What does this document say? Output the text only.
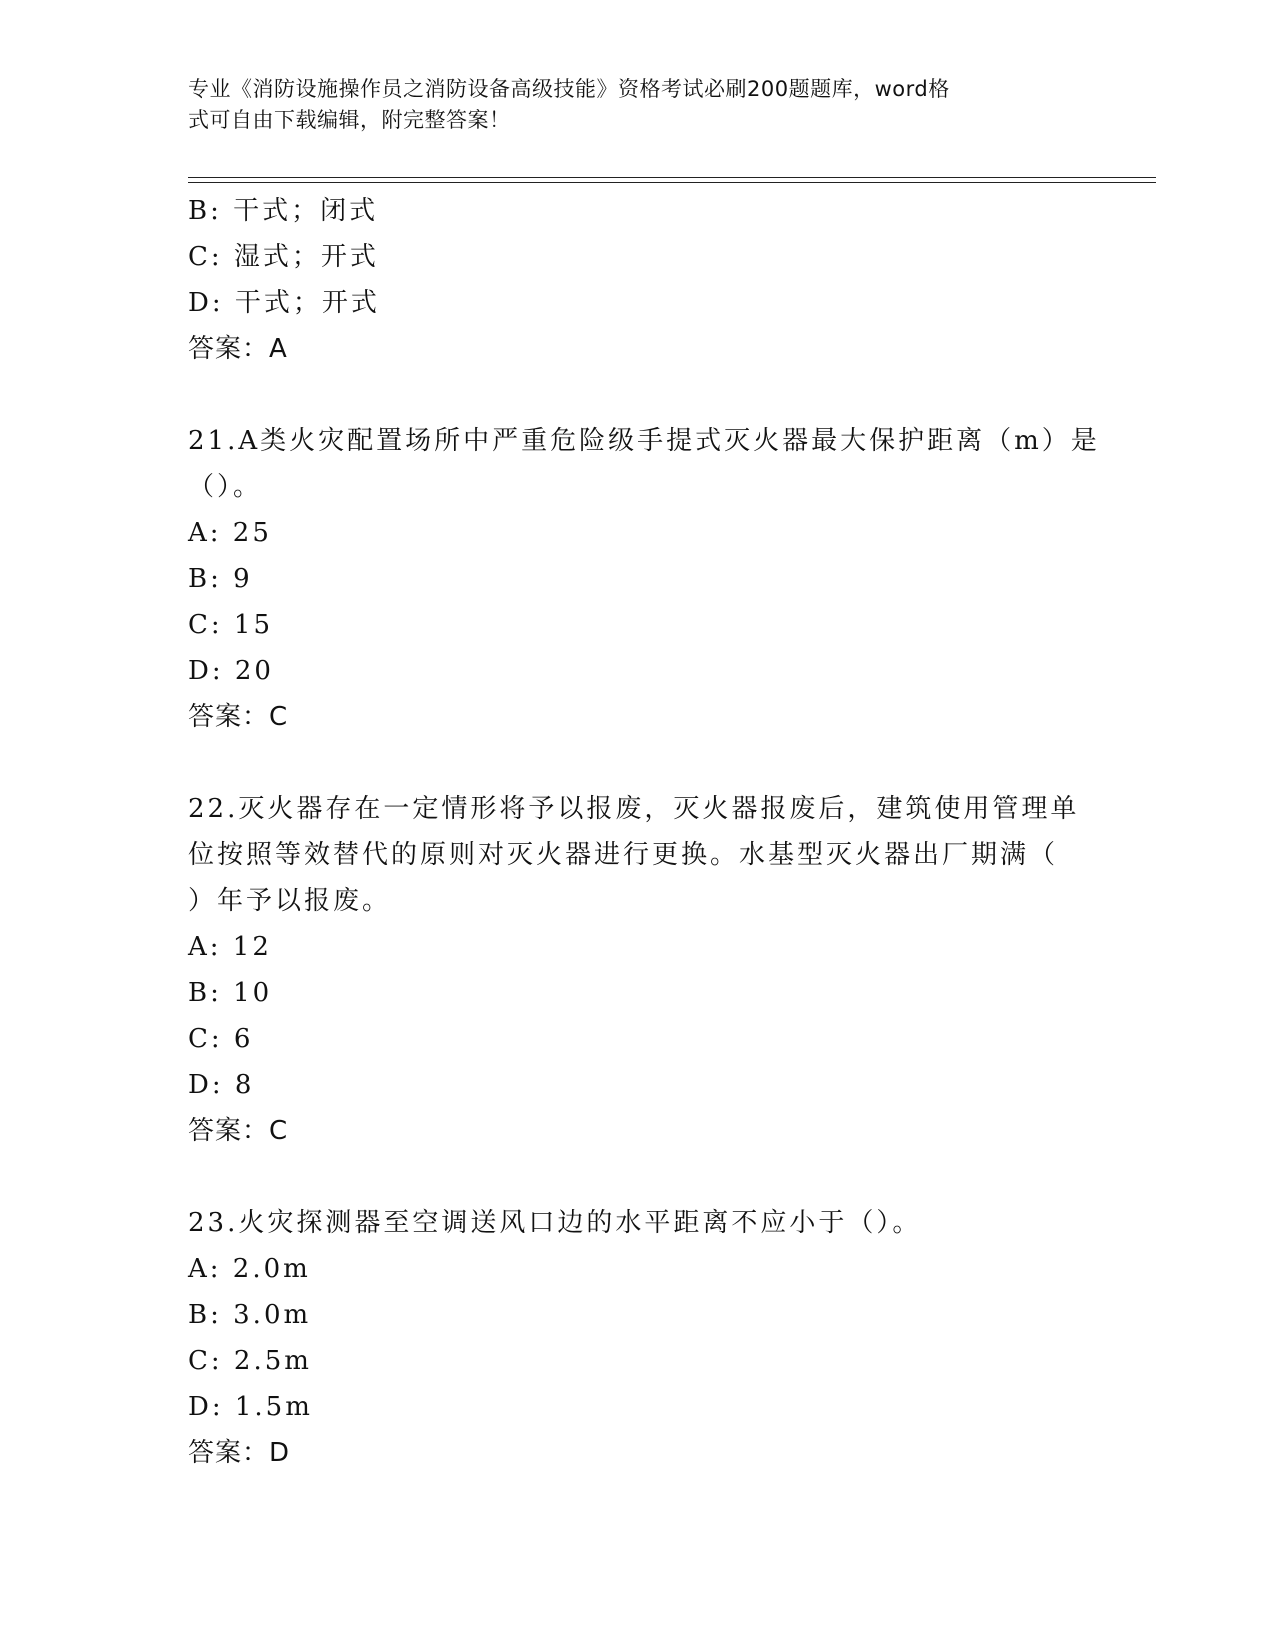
专业《消防设施操作员之消防设备高级技能》资格考试必刷200题题库，word格
式可自由下载编辑，附完整答案！
B: 干式；闭式
C: 湿式；开式
D: 干式；开式
答案：A
21.A类火灾配置场所中严重危险级手提式灭火器最大保护距离（m）是
（）。
A: 25
B: 9
C: 15
D: 20
答案：C
22.灭火器存在一定情形将予以报废，灭火器报废后，建筑使用管理单
位按照等效替代的原则对灭火器进行更换。水基型灭火器出厂期满（
）年予以报废。
A: 12
B: 10
C: 6
D: 8
答案：C
23.火灾探测器至空调送风口边的水平距离不应小于（）。
A: 2.0m
B: 3.0m
C: 2.5m
D: 1.5m
答案：D
